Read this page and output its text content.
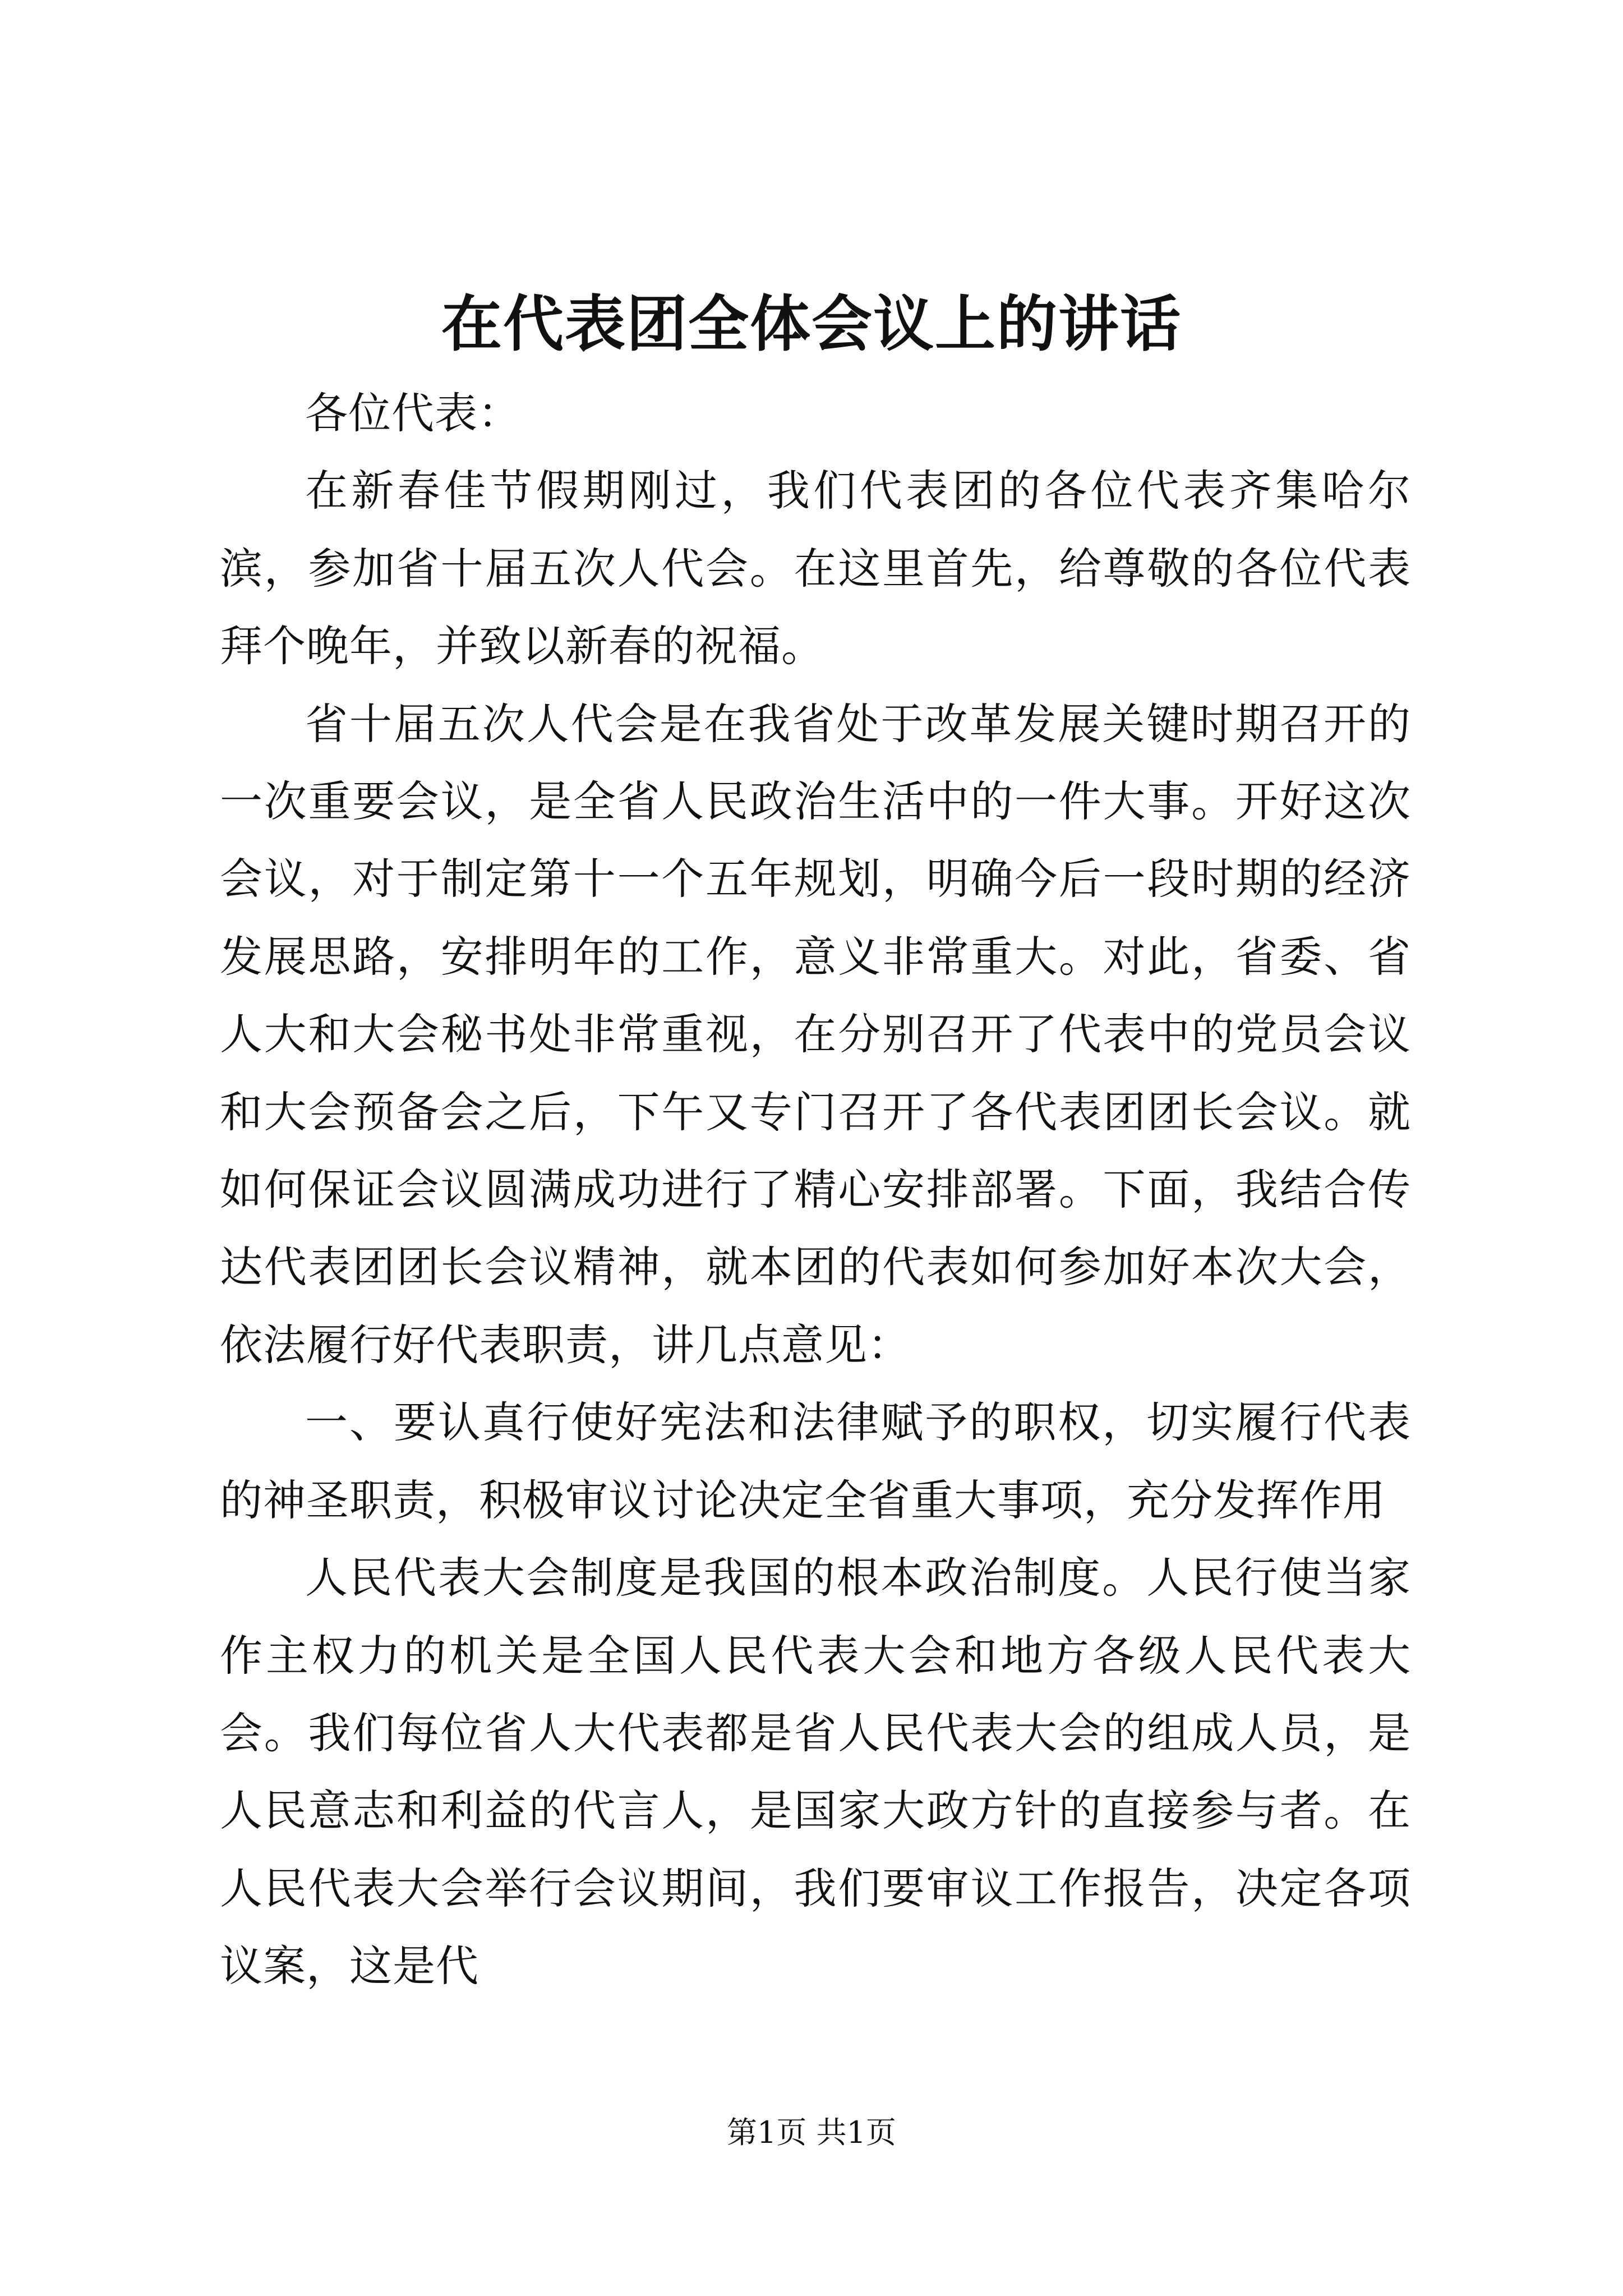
在代表团全体会议上的讲话

各位代表：

在新春佳节假期刚过，我们代表团的各位代表齐集哈尔滨，参加省十届五次人代会。在这里首先，给尊敬的各位代表拜个晚年，并致以新春的祝福。

省十届五次人代会是在我省处于改革发展关键时期召开的一次重要会议，是全省人民政治生活中的一件大事。开好这次会议，对于制定第十一个五年规划，明确今后一段时期的经济发展思路，安排明年的工作，意义非常重大。对此，省委、省人大和大会秘书处非常重视，在分别召开了代表中的党员会议和大会预备会之后，下午又专门召开了各代表团团长会议。就如何保证会议圆满成功进行了精心安排部署。下面，我结合传达代表团团长会议精神，就本团的代表如何参加好本次大会，依法履行好代表职责，讲几点意见：

一、要认真行使好宪法和法律赋予的职权，切实履行代表的神圣职责，积极审议讨论决定全省重大事项，充分发挥作用

人民代表大会制度是我国的根本政治制度。人民行使当家作主权力的机关是全国人民代表大会和地方各级人民代表大会。我们每位省人大代表都是省人民代表大会的组成人员，是人民意志和利益的代言人，是国家大政方针的直接参与者。在人民代表大会举行会议期间，我们要审议工作报告，决定各项议案，这是代

第1页 共1页
